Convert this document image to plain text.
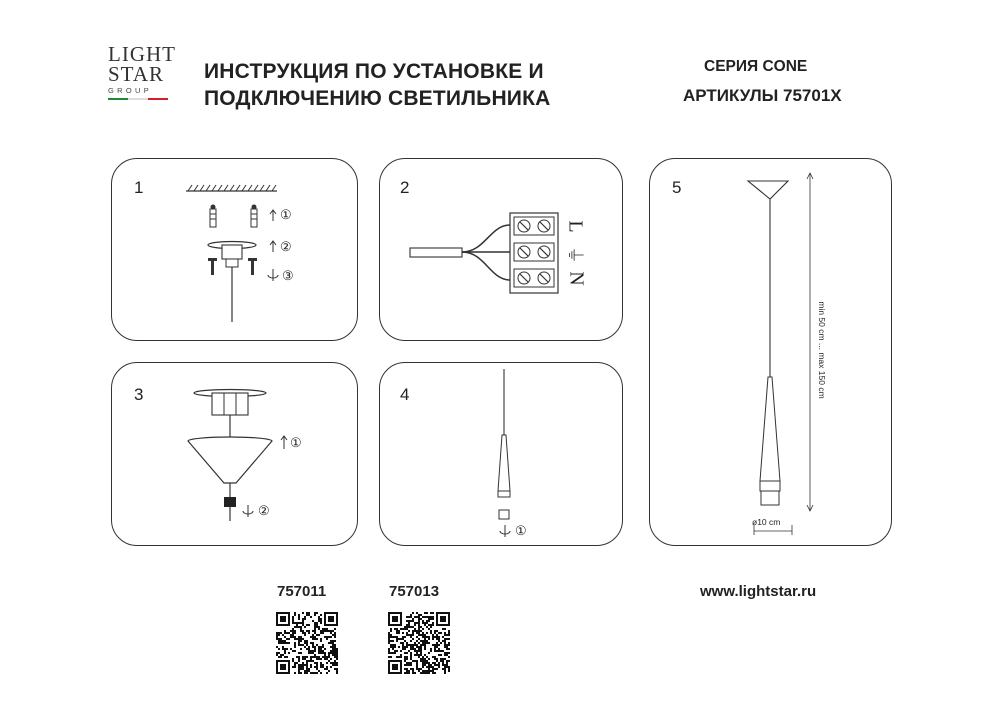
LIGHT
STAR
GROUP
ИНСТРУКЦИЯ ПО УСТАНОВКЕ И
ПОДКЛЮЧЕНИЮ СВЕТИЛЬНИКА
СЕРИЯ CONE
АРТИКУЛЫ 75701X
1
①
②
③
2
L
⏚
N
3
①
②
4
①
5
min 50 cm ... max 150 cm
ø10 cm
757011	757013	www.lightstar.ru
